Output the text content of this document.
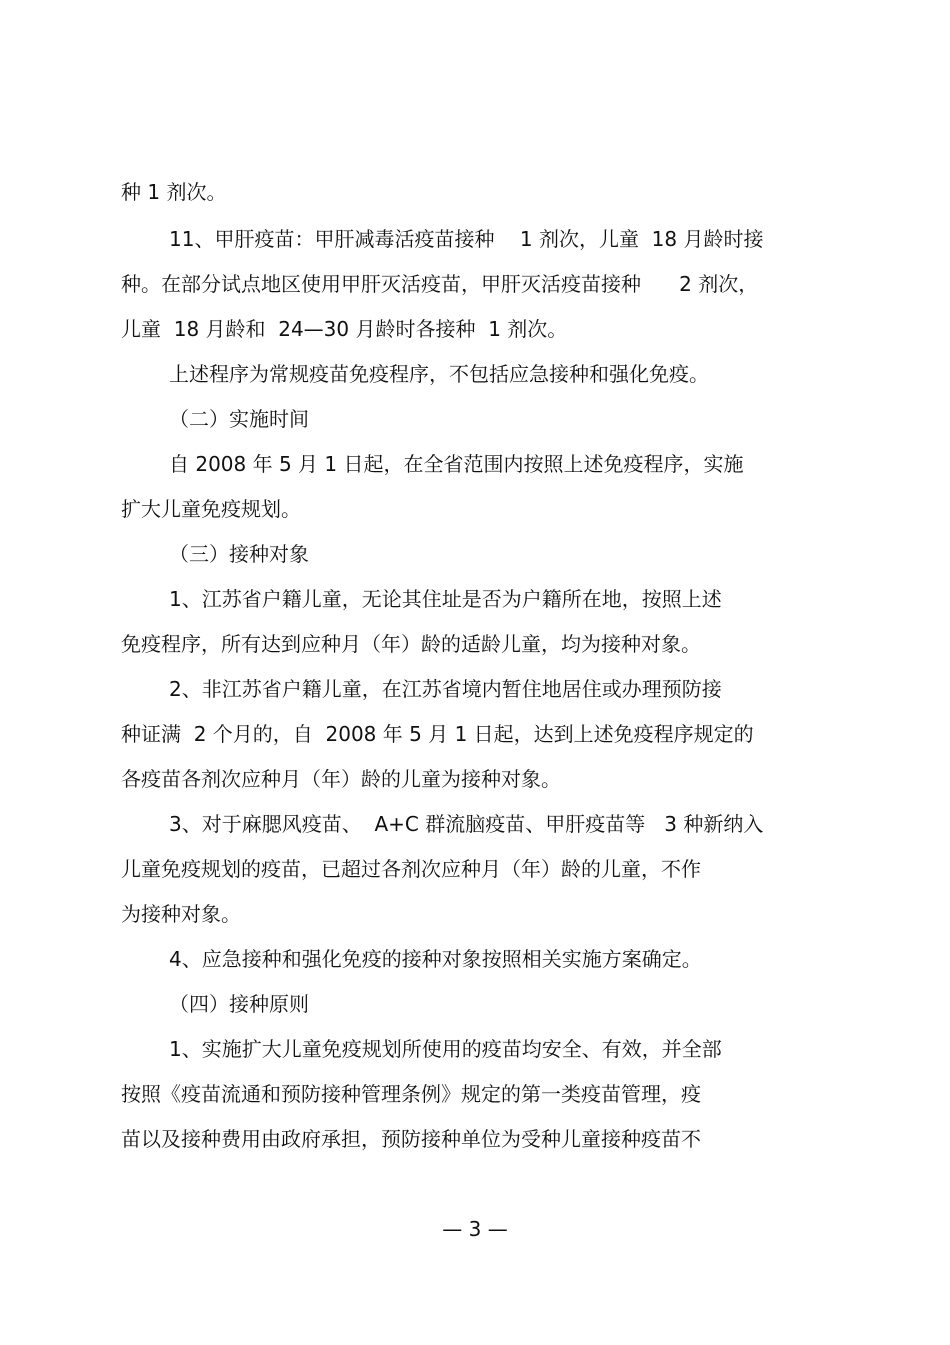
种 1 剂次。
11、甲肝疫苗：甲肝减毒活疫苗接种    1 剂次，儿童  18 月龄时接
种。在部分试点地区使用甲肝灭活疫苗，甲肝灭活疫苗接种      2 剂次，
儿童  18 月龄和  24—30 月龄时各接种  1 剂次。
上述程序为常规疫苗免疫程序，不包括应急接种和强化免疫。
（二）实施时间
自 2008 年 5 月 1 日起，在全省范围内按照上述免疫程序，实施
扩大儿童免疫规划。
（三）接种对象
1、江苏省户籍儿童，无论其住址是否为户籍所在地，按照上述
免疫程序，所有达到应种月（年）龄的适龄儿童，均为接种对象。
2、非江苏省户籍儿童，在江苏省境内暂住地居住或办理预防接
种证满  2 个月的，自  2008 年 5 月 1 日起，达到上述免疫程序规定的
各疫苗各剂次应种月（年）龄的儿童为接种对象。
3、对于麻腮风疫苗、  A+C 群流脑疫苗、甲肝疫苗等   3 种新纳入
儿童免疫规划的疫苗，已超过各剂次应种月（年）龄的儿童，不作
为接种对象。
4、应急接种和强化免疫的接种对象按照相关实施方案确定。
（四）接种原则
1、实施扩大儿童免疫规划所使用的疫苗均安全、有效，并全部
按照《疫苗流通和预防接种管理条例》规定的第一类疫苗管理，疫
苗以及接种费用由政府承担，预防接种单位为受种儿童接种疫苗不
— 3 —
